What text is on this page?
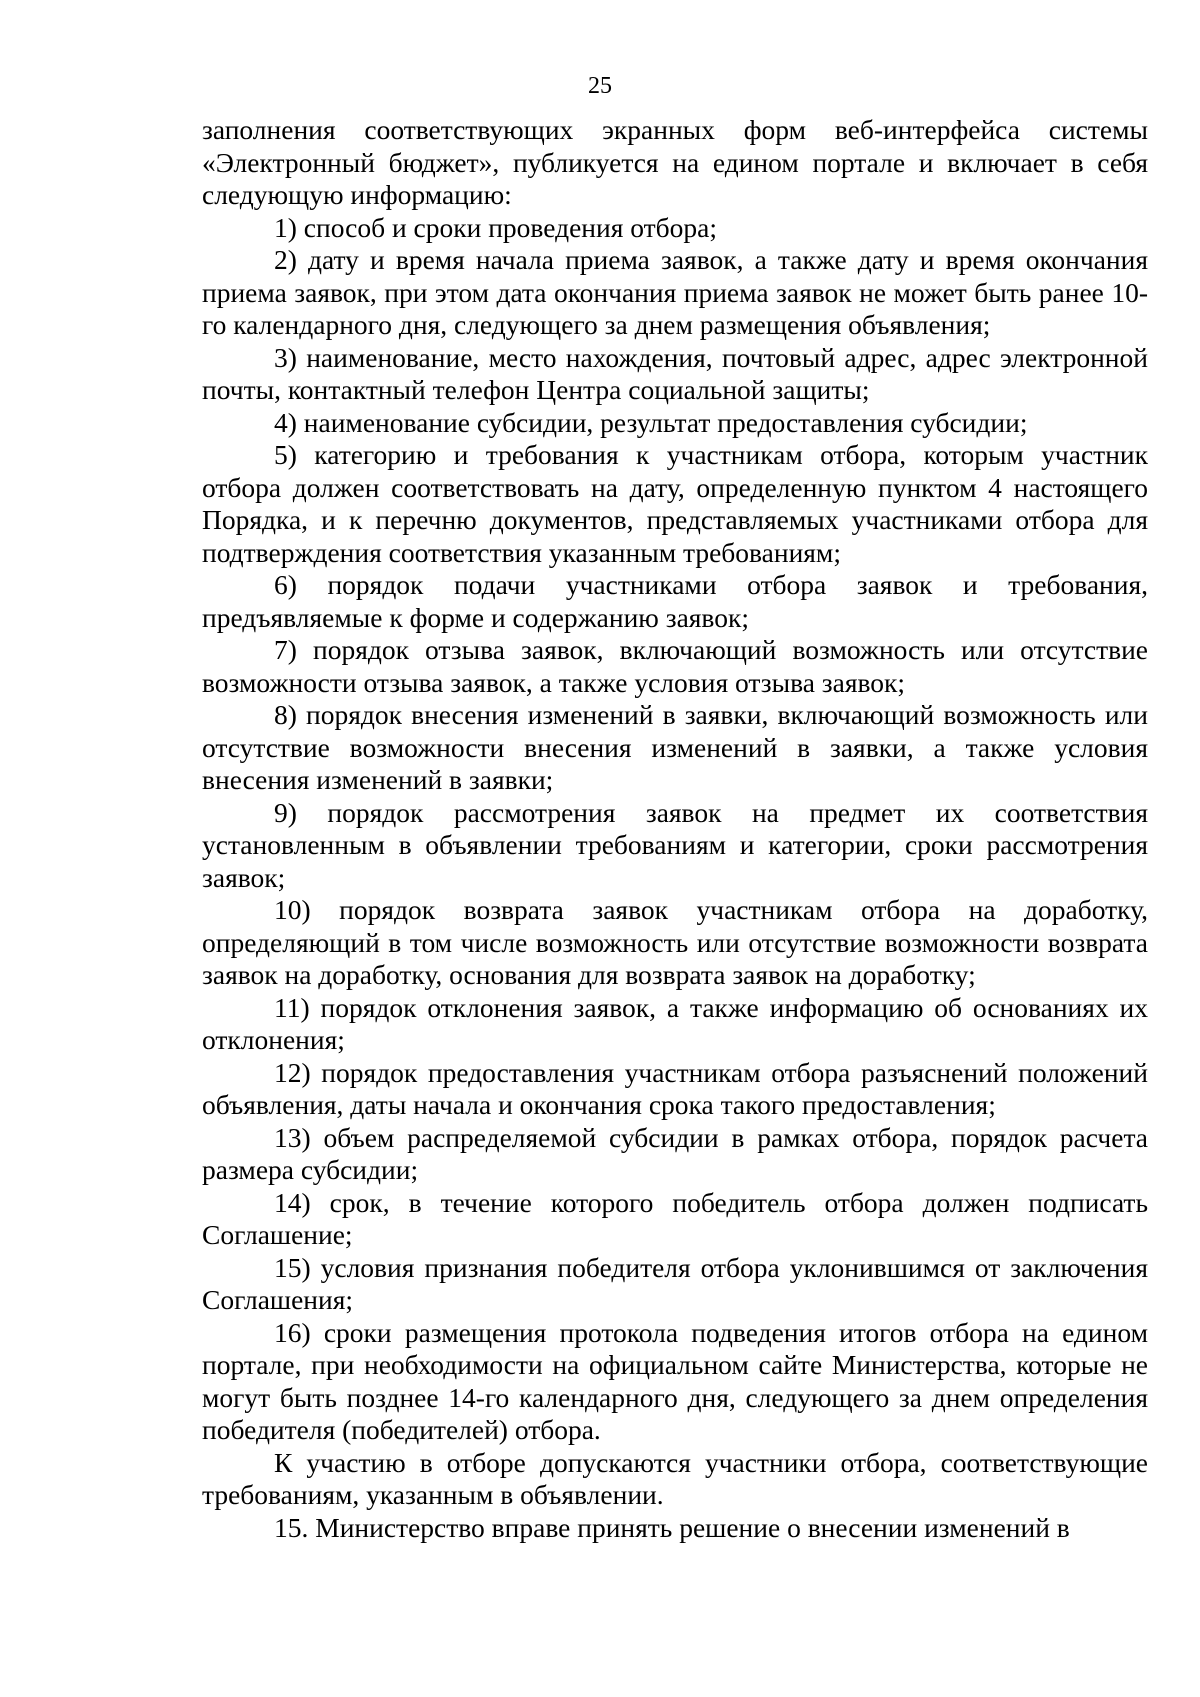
25

заполнения соответствующих экранных форм веб-интерфейса системы «Электронный бюджет», публикуется на едином портале и включает в себя следующую информацию:

1) способ и сроки проведения отбора;

2) дату и время начала приема заявок, а также дату и время окончания приема заявок, при этом дата окончания приема заявок не может быть ранее 10-го календарного дня, следующего за днем размещения объявления;

3) наименование, место нахождения, почтовый адрес, адрес электронной почты, контактный телефон Центра социальной защиты;

4) наименование субсидии, результат предоставления субсидии;

5) категорию и требования к участникам отбора, которым участник отбора должен соответствовать на дату, определенную пунктом 4 настоящего Порядка, и к перечню документов, представляемых участниками отбора для подтверждения соответствия указанным требованиям;

6) порядок подачи участниками отбора заявок и требования, предъявляемые к форме и содержанию заявок;

7) порядок отзыва заявок, включающий возможность или отсутствие возможности отзыва заявок, а также условия отзыва заявок;

8) порядок внесения изменений в заявки, включающий возможность или отсутствие возможности внесения изменений в заявки, а также условия внесения изменений в заявки;

9) порядок рассмотрения заявок на предмет их соответствия установленным в объявлении требованиям и категории, сроки рассмотрения заявок;

10) порядок возврата заявок участникам отбора на доработку, определяющий в том числе возможность или отсутствие возможности возврата заявок на доработку, основания для возврата заявок на доработку;

11) порядок отклонения заявок, а также информацию об основаниях их отклонения;

12) порядок предоставления участникам отбора разъяснений положений объявления, даты начала и окончания срока такого предоставления;

13) объем распределяемой субсидии в рамках отбора, порядок расчета размера субсидии;

14) срок, в течение которого победитель отбора должен подписать Соглашение;

15) условия признания победителя отбора уклонившимся от заключения Соглашения;

16) сроки размещения протокола подведения итогов отбора на едином портале, при необходимости на официальном сайте Министерства, которые не могут быть позднее 14-го календарного дня, следующего за днем определения победителя (победителей) отбора.

К участию в отборе допускаются участники отбора, соответствующие требованиям, указанным в объявлении.

15. Министерство вправе принять решение о внесении изменений в
